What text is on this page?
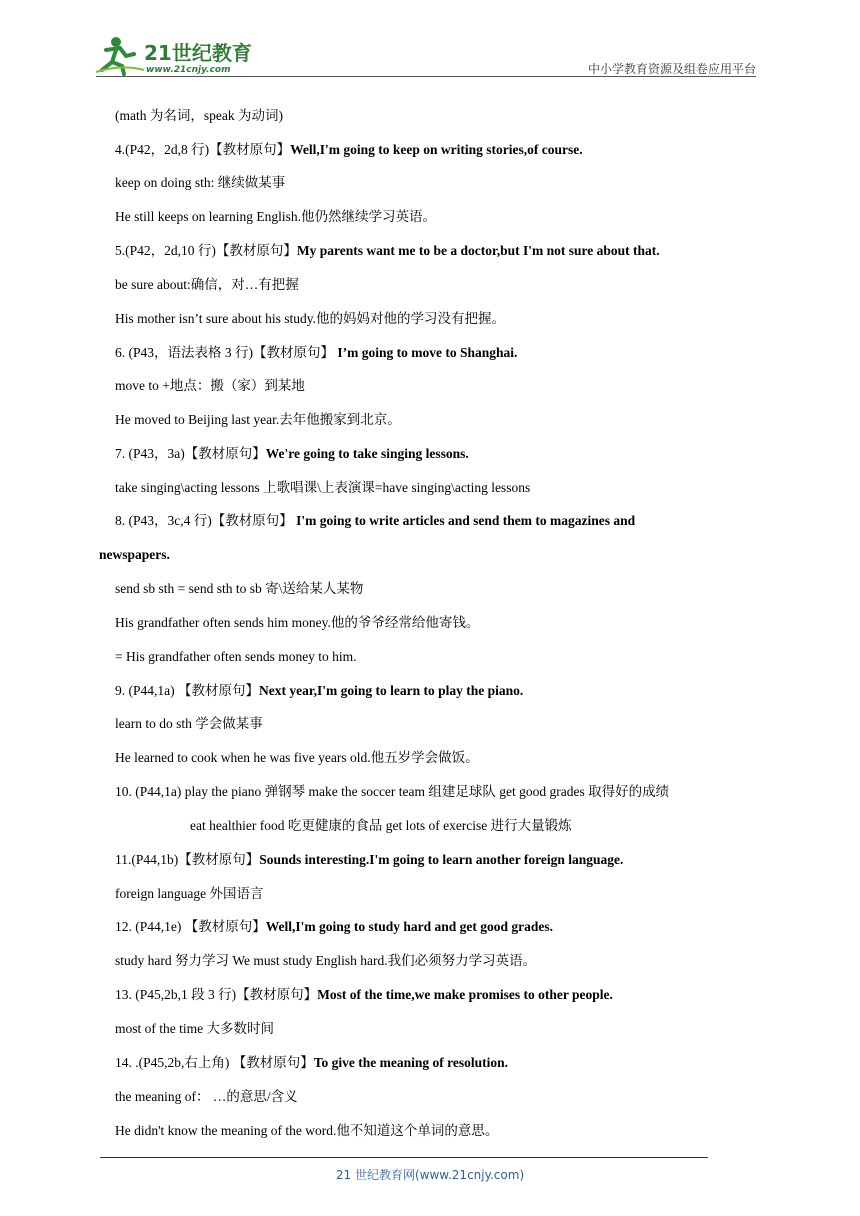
21世纪教育
www.21cnjy.com	中小学教育资源及组卷应用平台
(math 为名词，speak 为动词)
4.(P42，2d,8 行)【教材原句】Well,I'm going to keep on writing stories,of course.
keep on doing sth: 继续做某事
He still keeps on learning English.他仍然继续学习英语。
5.(P42，2d,10 行)【教材原句】My parents want me to be a doctor,but I'm not sure about that.
be sure about:确信，对…有把握
His mother isn’t sure about his study.他的妈妈对他的学习没有把握。
6. (P43，语法表格 3 行)【教材原句】 I’m going to move to Shanghai.
move to +地点：搬（家）到某地
He moved to Beijing last year.去年他搬家到北京。
7. (P43，3a)【教材原句】We're going to take singing lessons.
take singing\acting lessons 上歌唱课\上表演课=have singing\acting lessons
8. (P43，3c,4 行)【教材原句】 I'm going to write articles and send them to magazines and
newspapers.
send sb sth = send sth to sb 寄\送给某人某物
His grandfather often sends him money.他的爷爷经常给他寄钱。
= His grandfather often sends money to him.
9. (P44,1a) 【教材原句】Next year,I'm going to learn to play the piano.
learn to do sth 学会做某事
He learned to cook when he was five years old.他五岁学会做饭。
10. (P44,1a) play the piano 弹钢琴 make the soccer team 组建足球队 get good grades 取得好的成绩
eat healthier food 吃更健康的食品 get lots of exercise 进行大量锻炼
11.(P44,1b)【教材原句】Sounds interesting.I'm going to learn another foreign language.
foreign language 外国语言
12. (P44,1e) 【教材原句】Well,I'm going to study hard and get good grades.
study hard 努力学习 We must study English hard.我们必须努力学习英语。
13. (P45,2b,1 段 3 行)【教材原句】Most of the time,we make promises to other people.
most of the time 大多数时间
14. .(P45,2b,右上角) 【教材原句】To give the meaning of resolution.
the meaning of： …的意思/含义
He didn't know the meaning of the word.他不知道这个单词的意思。
21 世纪教育网(www.21cnjy.com)
